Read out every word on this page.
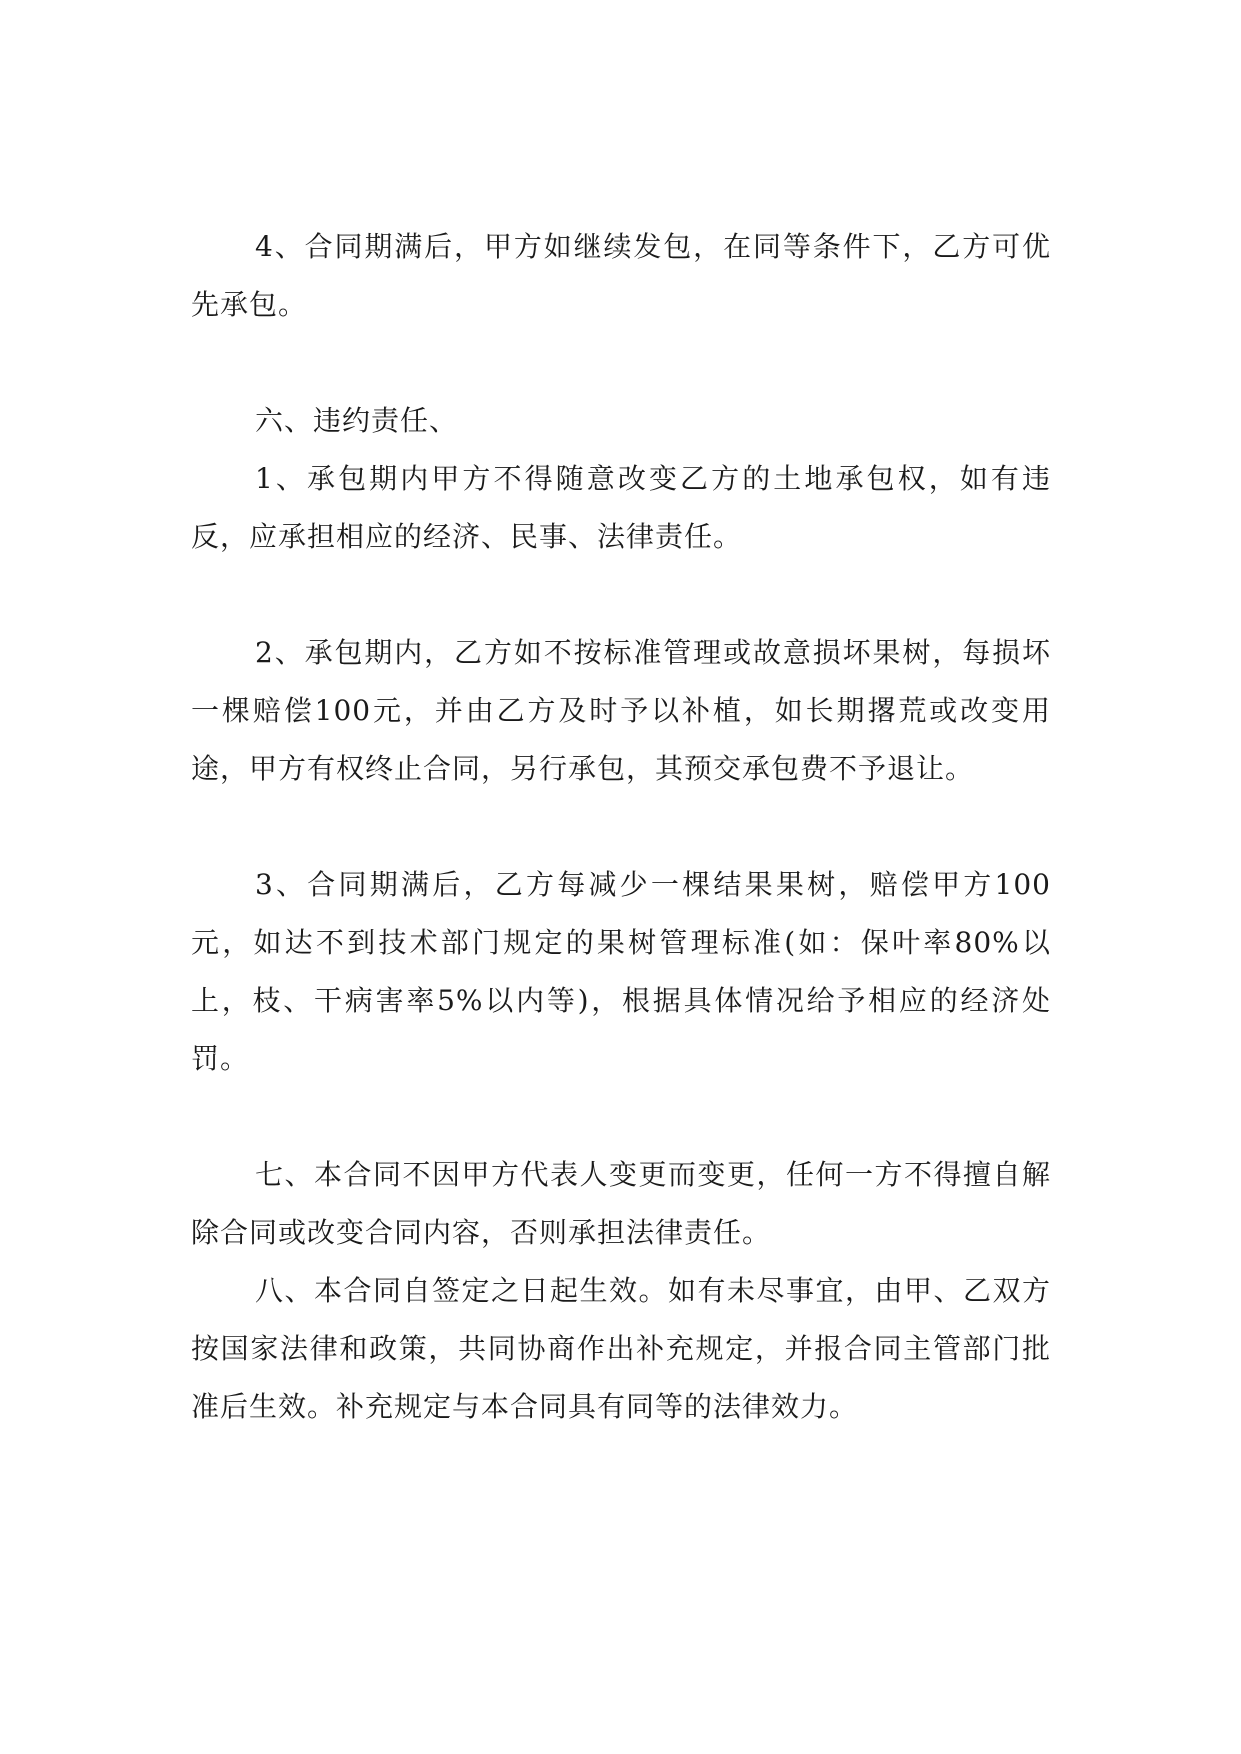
4、合同期满后，甲方如继续发包，在同等条件下，乙方可优先承包。

六、违约责任、

1、承包期内甲方不得随意改变乙方的土地承包权，如有违反，应承担相应的经济、民事、法律责任。

2、承包期内，乙方如不按标准管理或故意损坏果树，每损坏一棵赔偿100元，并由乙方及时予以补植，如长期撂荒或改变用途，甲方有权终止合同，另行承包，其预交承包费不予退让。

3、合同期满后，乙方每减少一棵结果果树，赔偿甲方100元，如达不到技术部门规定的果树管理标准(如：保叶率80%以上，枝、干病害率5%以内等)，根据具体情况给予相应的经济处罚。

七、本合同不因甲方代表人变更而变更，任何一方不得擅自解除合同或改变合同内容，否则承担法律责任。

八、本合同自签定之日起生效。如有未尽事宜，由甲、乙双方按国家法律和政策，共同协商作出补充规定，并报合同主管部门批准后生效。补充规定与本合同具有同等的法律效力。
